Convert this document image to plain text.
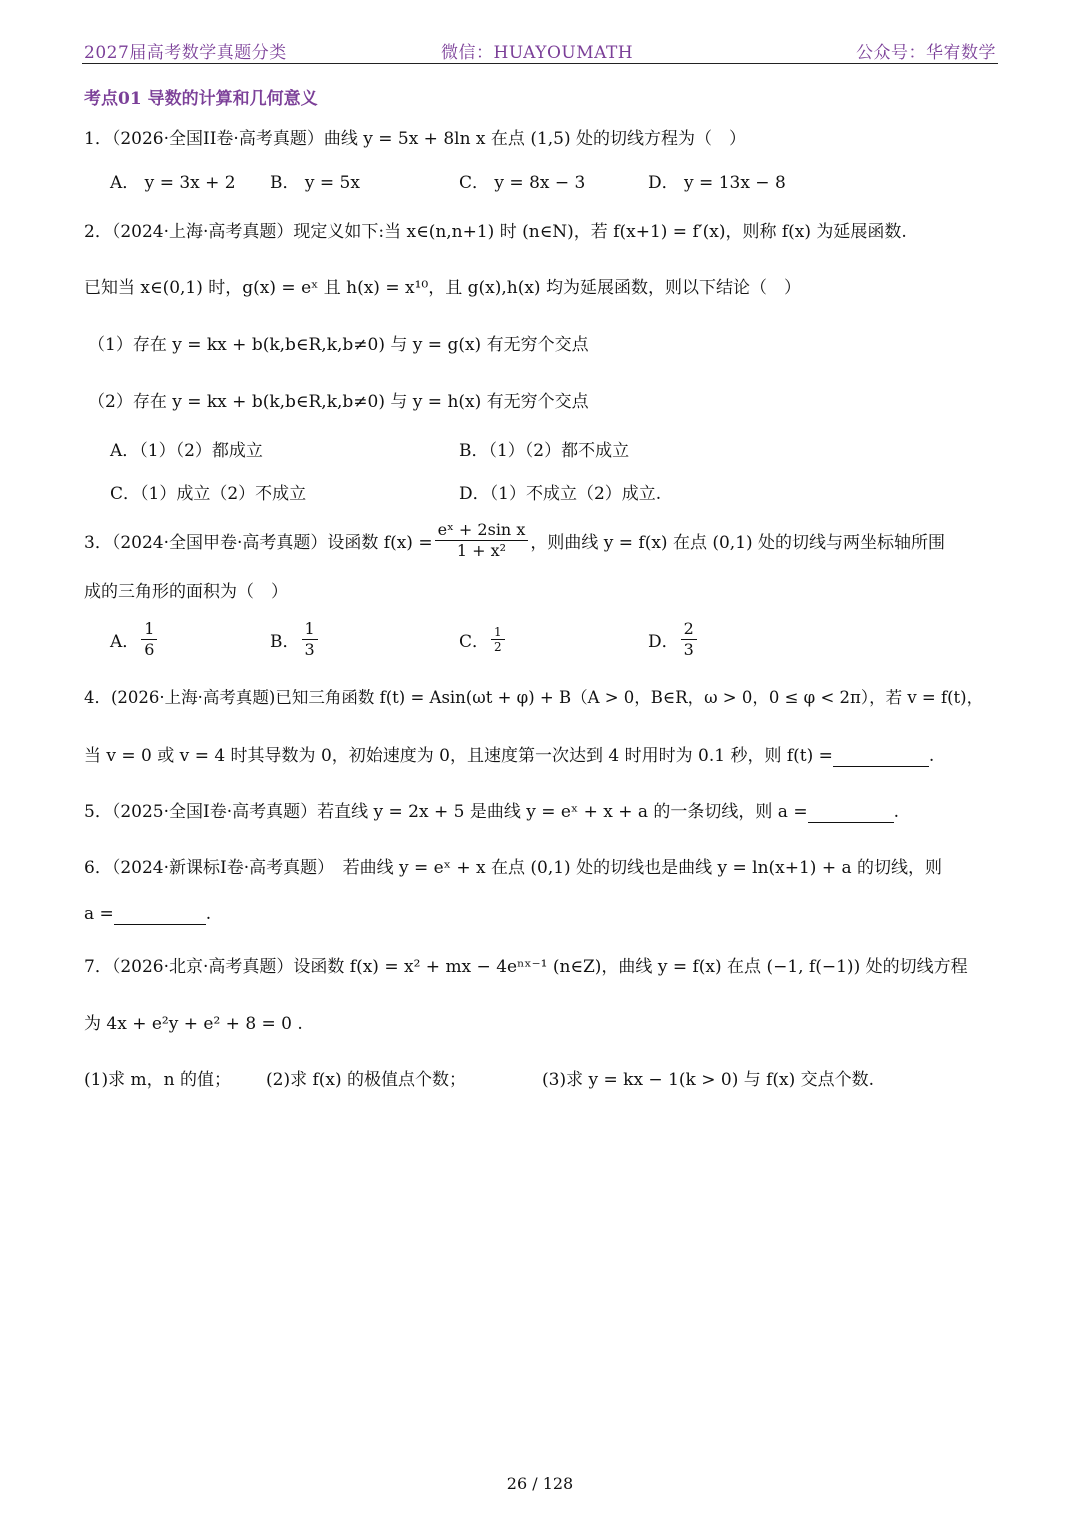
2027届高考数学真题分类	微信：HUAYOUMATH	公众号：华宥数学
考点01 导数的计算和几何意义
1．（2026·全国II卷·高考真题）曲线 y = 5x + 8ln x 在点 (1,5) 处的切线方程为（　）
A． y = 3x + 2 B． y = 5x	C． y = 8x − 3	D． y = 13x − 8
2．（2024·上海·高考真题）现定义如下:当 x∈(n,n+1) 时 (n∈N)，若 f(x+1) = f′(x)，则称 f(x) 为延展函数.
已知当 x∈(0,1) 时，g(x) = eˣ 且 h(x) = x¹⁰，且 g(x),h(x) 均为延展函数，则以下结论（　）
（1）存在 y = kx + b(k,b∈R,k,b≠0) 与 y = g(x) 有无穷个交点
（2）存在 y = kx + b(k,b∈R,k,b≠0) 与 y = h(x) 有无穷个交点
A．（1）（2）都成立	B．（1）（2）都不成立
C．（1）成立（2）不成立	D．（1）不成立（2）成立.
3．（2024·全国甲卷·高考真题）设函数 $f(x) = \frac{\text{eˣ + 2sin x}}{\text{1 + x²}}$ ，则曲线 y = f(x) 在点 (0,1) 处的切线与两坐标轴所围
成的三角形的面积为（　）
A． $\frac{1}{6}$	B． $\frac{1}{3}$	C． $\frac{1}{2}$	D． $\frac{2}{3}$
4．(2026·上海·高考真题)已知三角函数 f(t) = Asin(ωt + φ) + B（A > 0，B∈R，ω > 0，0 ≤ φ < 2π），若 v = f(t)，
当 v = 0 或 v = 4 时其导数为 0，初始速度为 0，且速度第一次达到 4 时用时为 0.1 秒，则 f(t) =	.
5．（2025·全国I卷·高考真题）若直线 y = 2x + 5 是曲线 y = eˣ + x + a 的一条切线，则 a =	.
6．（2024·新课标I卷·高考真题）　若曲线 y = eˣ + x 在点 (0,1) 处的切线也是曲线 y = ln(x+1) + a 的切线，则
a =	.
7．（2026·北京·高考真题）设函数 f(x) = x² + mx − 4eⁿˣ⁻¹ (n∈Z)，曲线 y = f(x) 在点 (−1, f(−1)) 处的切线方程
为 4x + e²y + e² + 8 = 0 .
(1)求 m，n 的值； (2)求 f(x) 的极值点个数；	(3)求 y = kx − 1(k > 0) 与 f(x) 交点个数.
26 / 128
